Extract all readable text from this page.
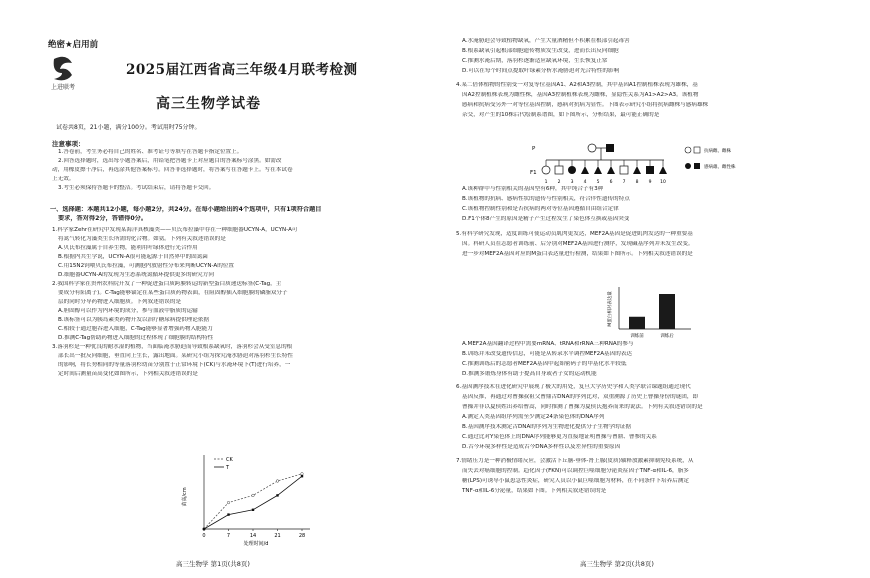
绝密★启用前
上进联考
2025届江西省高三年级4月联考检测
高三生物学试卷
试卷共8页，21小题，满分100分。考试用时75分钟。
注意事项：
1.答卷前，考生务必将自己的姓名、准考证号等填写在答题卡指定位置上。
2.回答选择题时，选出每小题答案后，用铅笔把答题卡上对应题目的答案标号涂黑。如需改
动，用橡皮擦干净后，再选涂其他答案标号。回答非选择题时，将答案写在答题卡上。写在本试卷
上无效。
3.考生必须保持答题卡的整洁。考试结束后，请将答题卡交回。
一、选择题：本题共12小题，每小题2分，共24分。在每小题给出的4个选项中，只有1项符合题目
要求，答对得2分，答错得0分。
1.科学家Zehr在研究中发现某海洋真核藻类——贝氏布拉藻中存在一种细胞器UCYN-A，UCYN-A可
将氮气转化为藻类生长所需的化合物。如氨。下列有关叙述错误的是
A.贝氏布拉藻属于自养生物，能利用叶绿体进行光合作用
B.根据内共生学说，UCYN-A很可能起源于自然界中的固氮菌
C.用15N2饲喂贝氏布拉藻，可测胞内放射性分布来判断UCYN-A的位置
D.细胞器UCYN-A的发现为生态系统氮循环提供更多的研究方向
2.我国科学家在贵州农科院开发了一种促进蛋白质跨膜转运的新型蛋白质递送标签(C-Tag，主
要成分有阳离子)。C-Tag能够锚定在某些蛋白质药物表面，在阻固醇插入细胞膜的磷脂双分子
层的同时分导药物进入细胞质。下列叙述错误的是
A.胆固醇可以作为内环境的成分，参与血液中脂质的运输
B.该标签可以为胰岛素类药物开发以治疗糖尿病提供理论依据
C.相较于通过胞吞进入细胞，C-Tag能够显著增强药物入胞能力
D.推测C-Tag帮助药物进入细胞的过程体现了细胞膜的结构特性
3.落羽杉是一种优良的耐水湿的植物，当面临淹水胁迫而导致根系缺氧时，落羽杉会从受室息的根
部长出一批反向细胞，垂直向上生长，露出地面。某研究小组为探究淹水胁迫对落羽杉生长特性
的影响，将长势相同的等量落羽杉幼苗分别置于正常环境下(CK)与水淹环境下(T)进行培养，一
定时间后测量苗高变化如图所示，下列相关叙述错误的是
苗高/cm
处理时间/d
0	7	14	21	28
CK
T
高三生物学 第1页(共8页)
A.水淹胁迫会导致植物缺氧，产生大量酒精但不积累在根部引起毒害
B.根系缺氧引起根部细胞遗传物质发生改变，进而长出反向细胞
C.推测水淹后期，落羽杉逐渐适应缺氧环境，生长恢复正常
D.可以在每个时间点提取叶绿素分析水淹胁迫对光合特性的影响
4.某二倍体植物的性别受一对复等位基因A1、A2和A3控制，其中基因A1控制植株表现为雄株，基
因A2控制植株表现为雌性株，基因A3控制植株表现为雌株，显隐性关系为A1>A2>A3。该植物
感病和抗病受另外一对等位基因控制，感病对抗病为显性。下图表示研究小组将抗病雌株与感病雄株
杂交，对产生的10株后代绘制系谱图，如下图所示，分析结果，最可能正确的是
A.该种群中与性别相关的基因型有6种，其中纯合子有3种
B.该植物的抗病、感病性状的遗传与性别相关，符合伴性遗传的特点
C.该植物控制性别和是否抗病的两对等位基因遵循自由组合定律
D.F1个体8产生的原因是精子产生过程发生了染色体互换或基因突变
5.有科学研究发现，适度训练可使运动员肌肉更发达，MEF2A基因是促进肌肉发达的一种重要基
因。科研人员在志愿者训练前、后分别对MEF2A基因进行测序，发现碱基序列并未发生改变。
进一步对MEF2A基因对应的M蛋白表达量进行检测，结果如下图所示。下列相关叙述错误的是
A.MEF2A基因翻译过程中需要mRNA、tRNA和rRNA三种RNA的参与
B.训练并未改变遗传信息，可能是从转录水平调控MEF2A基因的表达
C.推测训练后的志愿者MEF2A基因中起始密码子的甲基化水平较低
D.推测多锻炼身体有助于提高自身或者子女的运动机能
6.基因测序技术在进化研究中展现了极大的用处，复旦大学历史学和人类学联合课题组通过现代
基因反推，再通过对曹操叔祖父曹鼎古DNA的序列比对，双重溯源了历史上曹操身份的谜团，即
曹操并非以夏侯姓出养给曹嵩，同时推测了曹操为夏侯氏抱养而来的说法。下列有关叙述错误的是
A.测定人类基因组序列需至少测定24条染色体的DNA序列
B.基因测序技术测定古DNA的序列为生物进化提供分子生物学的证据
C.通过比对Y染色体上的DNA序列能够更为直接地证明曹操与曹鼎、曹参的关系
D.古今环境多样性是造成古今DNA多样性以及差异性的重要原因
7.情绪压力是一种消极情绪反应，会激活下丘脑-垂体-肾上腺(皮质)轴释放激素抑制免疫系统，从
而失去对癌细胞的控制。趋化因子(FKN)可以调控巨噬细胞分泌炎症因子TNF-α和IL-6，脂多
糖(LPS)可诱导小鼠患急性炎症，研究人员以小鼠巨噬细胞为材料，在不同条件下培养后测定
TNF-α和IL-6分泌量，结果如下图。下列相关叙述错误的是
高三生物学 第2页(共8页)
P
F1
1 2 3 4 5 6 7 8 9 10
抗病雌、雌株
感病雄、雌性株
M蛋白相对表达量
训练前	训练后
